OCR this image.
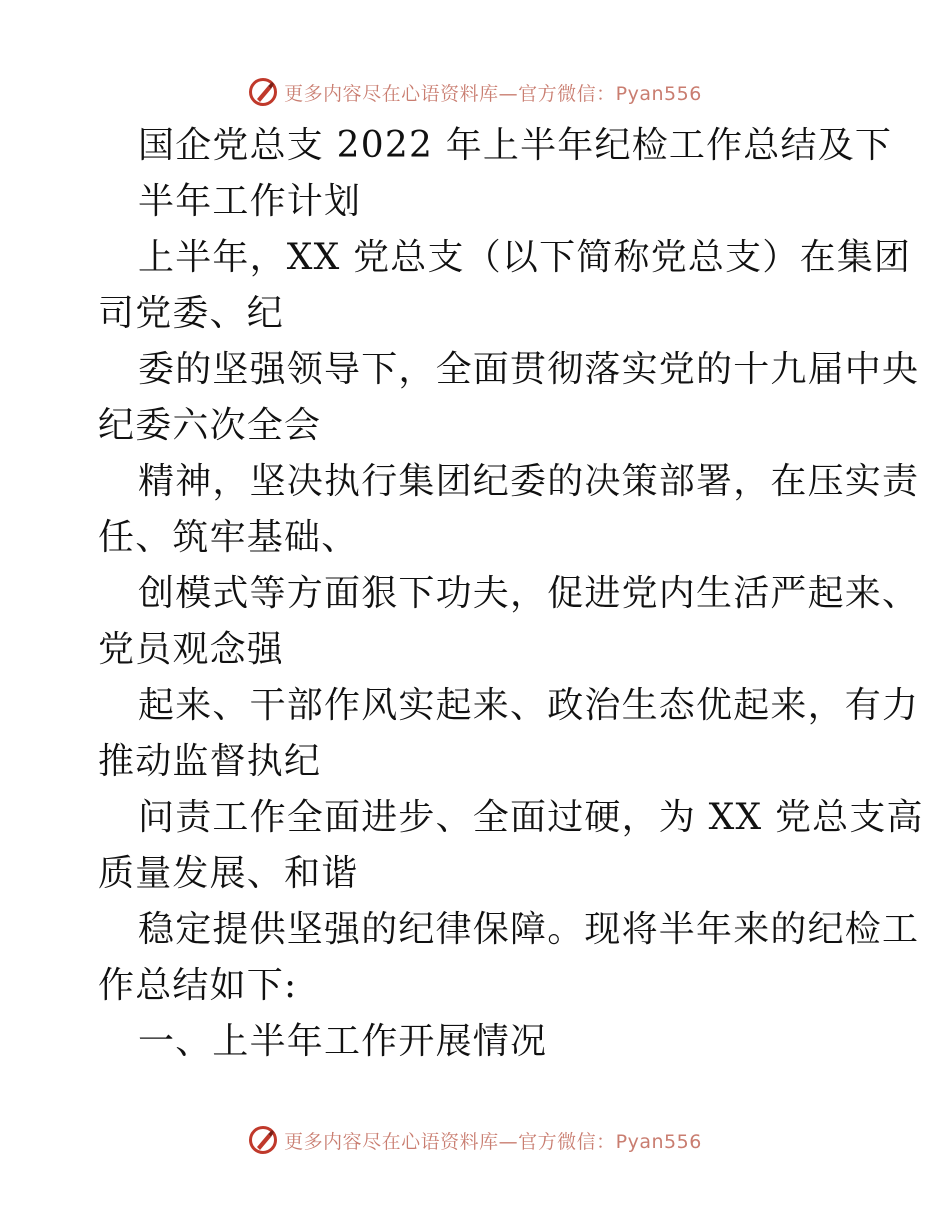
更多内容尽在心语资料库—官方微信：Pyan556
国企党总支 2022 年上半年纪检工作总结及下
半年工作计划
上半年，XX 党总支（以下简称党总支）在集团
司党委、纪
委的坚强领导下，全面贯彻落实党的十九届中央
纪委六次全会
精神，坚决执行集团纪委的决策部署，在压实责
任、筑牢基础、
创模式等方面狠下功夫，促进党内生活严起来、
党员观念强
起来、干部作风实起来、政治生态优起来，有力
推动监督执纪
问责工作全面进步、全面过硬，为 XX 党总支高
质量发展、和谐
稳定提供坚强的纪律保障。现将半年来的纪检工
作总结如下:
一、上半年工作开展情况
更多内容尽在心语资料库—官方微信：Pyan556
